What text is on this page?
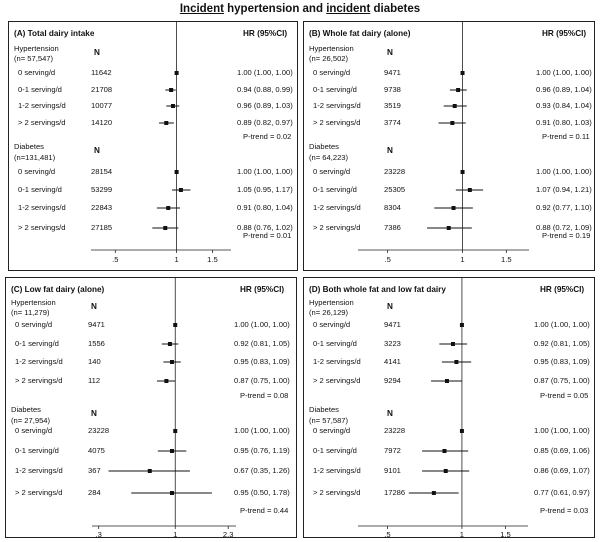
Incident hypertension and incident diabetes
(A) Total dairy intake	HR (95%CI)
.5	1	1.5
Hypertension
(n= 57,547)
N
0 serving/d	11642	1.00 (1.00, 1.00)
0-1 serving/d	21708	0.94 (0.88, 0.99)
1-2 servings/d	10077	0.96 (0.89, 1.03)
> 2 servings/d	14120	0.89 (0.82, 0.97)
P-trend = 0.02
Diabetes
(n=131,481)
N
0 serving/d	28154	1.00 (1.00, 1.00)
0-1 serving/d	53299	1.05 (0.95, 1.17)
1-2 servings/d	22843	0.91 (0.80, 1.04)
> 2 servings/d	27185	0.88 (0.76, 1.02)
P-trend = 0.01
(B) Whole fat dairy (alone)	HR (95%CI)
.5	1	1.5
Hypertension
(n= 26,502)
N
0 serving/d	9471	1.00 (1.00, 1.00)
0-1 serving/d	9738	0.96 (0.89, 1.04)
1-2 servings/d	3519	0.93 (0.84, 1.04)
> 2 servings/d	3774	0.91 (0.80, 1.03)
P-trend = 0.11
Diabetes
(n= 64,223)
N
0 serving/d	23228	1.00 (1.00, 1.00)
0-1 serving/d	25305	1.07 (0.94, 1.21)
1-2 servings/d	8304	0.92 (0.77, 1.10)
> 2 servings/d	7386	0.88 (0.72, 1.09)
P-trend = 0.19
(C) Low fat dairy (alone)	HR (95%CI)
.3	1	2.3
Hypertension
(n= 11,279)
N
0 serving/d	9471	1.00 (1.00, 1.00)
0-1 serving/d	1556	0.92 (0.81, 1.05)
1-2 servings/d	140	0.95 (0.83, 1.09)
> 2 servings/d	112	0.87 (0.75, 1.00)
P-trend = 0.08
Diabetes
(n= 27,954)
N
0 serving/d	23228	1.00 (1.00, 1.00)
0-1 serving/d	4075	0.95 (0.76, 1.19)
1-2 servings/d	367	0.67 (0.35, 1.26)
> 2 servings/d	284	0.95 (0.50, 1.78)
P-trend = 0.44
(D) Both whole fat and low fat dairy	HR (95%CI)
.5	1	1.5
Hypertension
(n= 26,129)
N
0 serving/d	9471	1.00 (1.00, 1.00)
0-1 serving/d	3223	0.92 (0.81, 1.05)
1-2 servings/d	4141	0.95 (0.83, 1.09)
> 2 servings/d	9294	0.87 (0.75, 1.00)
P-trend = 0.05
Diabetes
(n= 57,587)
N
0 serving/d	23228	1.00 (1.00, 1.00)
0-1 serving/d	7972	0.85 (0.69, 1.06)
1-2 servings/d	9101	0.86 (0.69, 1.07)
> 2 servings/d	17286	0.77 (0.61, 0.97)
P-trend = 0.03
